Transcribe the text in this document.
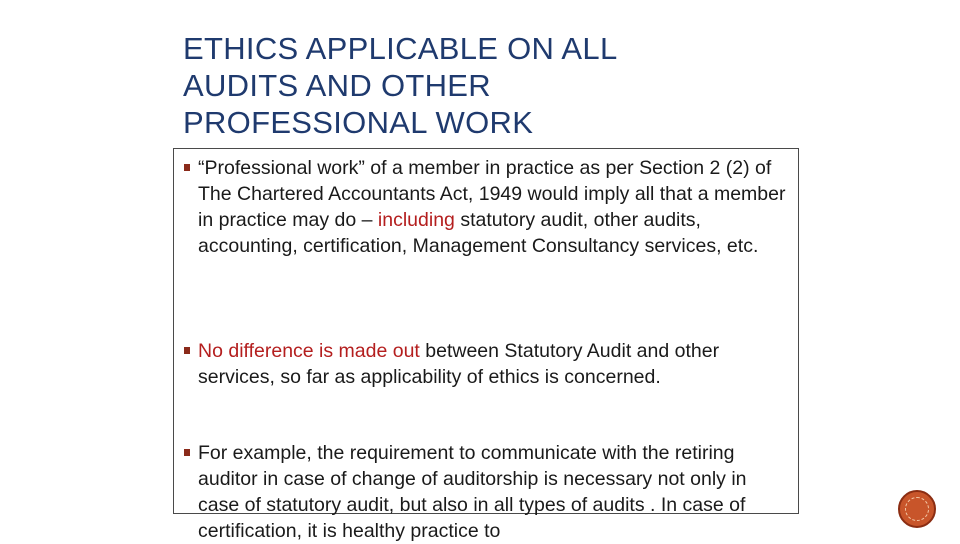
ETHICS APPLICABLE ON ALL
AUDITS AND OTHER
PROFESSIONAL WORK
“Professional work” of a member in practice as per Section 2 (2) of The Chartered Accountants Act, 1949 would imply all that a member in practice may do – including statutory audit, other audits, accounting, certification, Management Consultancy services, etc.
No difference is made out between Statutory Audit and other services, so far as applicability of ethics is concerned.
For example, the requirement to communicate with the retiring auditor in case of change of auditorship is necessary not only in case of statutory audit, but also in all types of audits . In case of certification, it is healthy practice to
